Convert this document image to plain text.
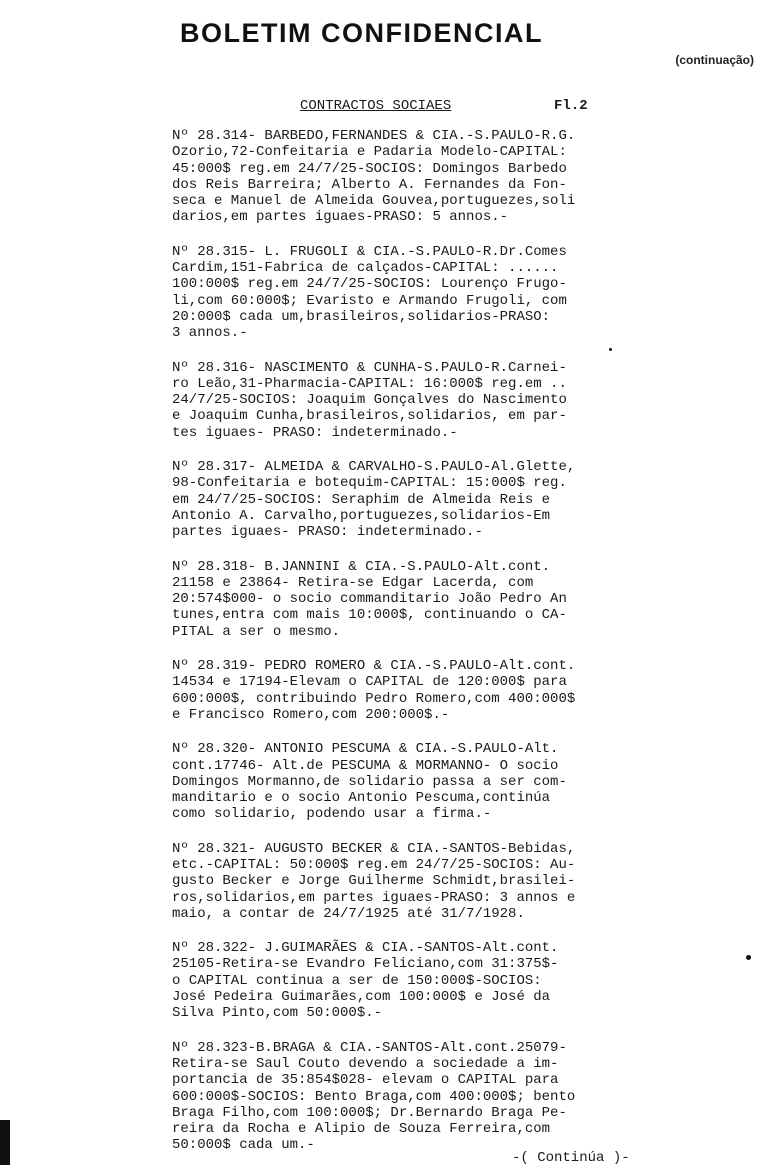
BOLETIM CONFIDENCIAL
(continuação)
CONTRACTOS SOCIAES	Fl.2
Nº 28.314- BARBEDO,FERNANDES & CIA.-S.PAULO-R.G.
Ozorio,72-Confeitaria e Padaria Modelo-CAPITAL:
45:000$ reg.em 24/7/25-SOCIOS: Domingos Barbedo
dos Reis Barreira; Alberto A. Fernandes da Fon-
seca e Manuel de Almeida Gouvea,portuguezes,soli
darios,em partes iguaes-PRASO: 5 annos.-
Nº 28.315- L. FRUGOLI & CIA.-S.PAULO-R.Dr.Comes
Cardim,151-Fabrica de calçados-CAPITAL: ......
100:000$ reg.em 24/7/25-SOCIOS: Lourenço Frugo-
li,com 60:000$; Evaristo e Armando Frugoli, com
20:000$ cada um,brasileiros,solidarios-PRASO:
3 annos.-
Nº 28.316- NASCIMENTO & CUNHA-S.PAULO-R.Carnei-
ro Leão,31-Pharmacia-CAPITAL: 16:000$ reg.em ..
24/7/25-SOCIOS: Joaquim Gonçalves do Nascimento
e Joaquim Cunha,brasileiros,solidarios, em par-
tes iguaes- PRASO: indeterminado.-
Nº 28.317- ALMEIDA & CARVALHO-S.PAULO-Al.Glette,
98-Confeitaria e botequim-CAPITAL: 15:000$ reg.
em 24/7/25-SOCIOS: Seraphim de Almeida Reis e
Antonio A. Carvalho,portuguezes,solidarios-Em
partes iguaes- PRASO: indeterminado.-
Nº 28.318- B.JANNINI & CIA.-S.PAULO-Alt.cont.
21158 e 23864- Retira-se Edgar Lacerda, com
20:574$000- o socio commanditario João Pedro An
tunes,entra com mais 10:000$, continuando o CA-
PITAL a ser o mesmo.
Nº 28.319- PEDRO ROMERO & CIA.-S.PAULO-Alt.cont.
14534 e 17194-Elevam o CAPITAL de 120:000$ para
600:000$, contribuindo Pedro Romero,com 400:000$
e Francisco Romero,com 200:000$.-
Nº 28.320- ANTONIO PESCUMA & CIA.-S.PAULO-Alt.
cont.17746- Alt.de PESCUMA & MORMANNO- O socio
Domingos Mormanno,de solidario passa a ser com-
manditario e o socio Antonio Pescuma,continúa
como solidario, podendo usar a firma.-
Nº 28.321- AUGUSTO BECKER & CIA.-SANTOS-Bebidas,
etc.-CAPITAL: 50:000$ reg.em 24/7/25-SOCIOS: Au-
gusto Becker e Jorge Guilherme Schmidt,brasilei-
ros,solidarios,em partes iguaes-PRASO: 3 annos e
maio, a contar de 24/7/1925 até 31/7/1928.
Nº 28.322- J.GUIMARÃES & CIA.-SANTOS-Alt.cont.
25105-Retira-se Evandro Feliciano,com 31:375$-
o CAPITAL continua a ser de 150:000$-SOCIOS:
José Pedeira Guimarães,com 100:000$ e José da
Silva Pinto,com 50:000$.-
Nº 28.323-B.BRAGA & CIA.-SANTOS-Alt.cont.25079-
Retira-se Saul Couto devendo a sociedade a im-
portancia de 35:854$028- elevam o CAPITAL para
600:000$-SOCIOS: Bento Braga,com 400:000$; bento
Braga Filho,com 100:000$; Dr.Bernardo Braga Pe-
reira da Rocha e Alipio de Souza Ferreira,com
50:000$ cada um.-
-( Continúa )-
